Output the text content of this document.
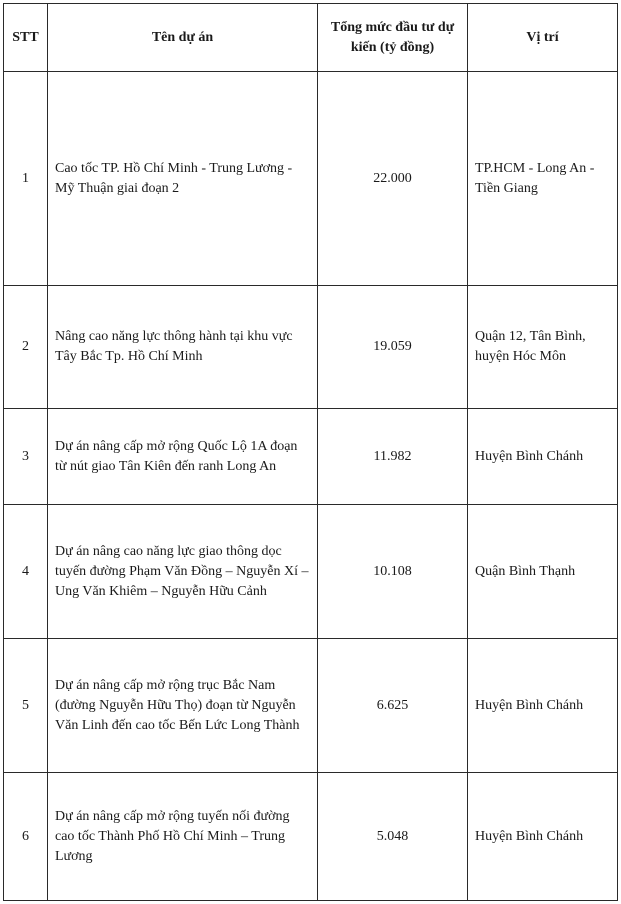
STT	Tên dự án	Tổng mức đầu tư dự kiến (tỷ đồng)	Vị trí
1	Cao tốc TP. Hồ Chí Minh - Trung Lương - Mỹ Thuận giai đoạn 2	22.000	TP.HCM - Long An - Tiền Giang
2	Nâng cao năng lực thông hành tại khu vực Tây Bắc Tp. Hồ Chí Minh	19.059	Quận 12, Tân Bình, huyện Hóc Môn
3	Dự án nâng cấp mở rộng Quốc Lộ 1A đoạn từ nút giao Tân Kiên đến ranh Long An	11.982	Huyện Bình Chánh
4	Dự án nâng cao năng lực giao thông dọc tuyến đường Phạm Văn Đồng – Nguyễn Xí – Ung Văn Khiêm – Nguyễn Hữu Cảnh	10.108	Quận Bình Thạnh
5	Dự án nâng cấp mở rộng trục Bắc Nam (đường Nguyễn Hữu Thọ) đoạn từ Nguyễn Văn Linh đến cao tốc Bến Lức Long Thành	6.625	Huyện Bình Chánh
6	Dự án nâng cấp mở rộng tuyến nối đường cao tốc Thành Phố Hồ Chí Minh – Trung Lương	5.048	Huyện Bình Chánh
